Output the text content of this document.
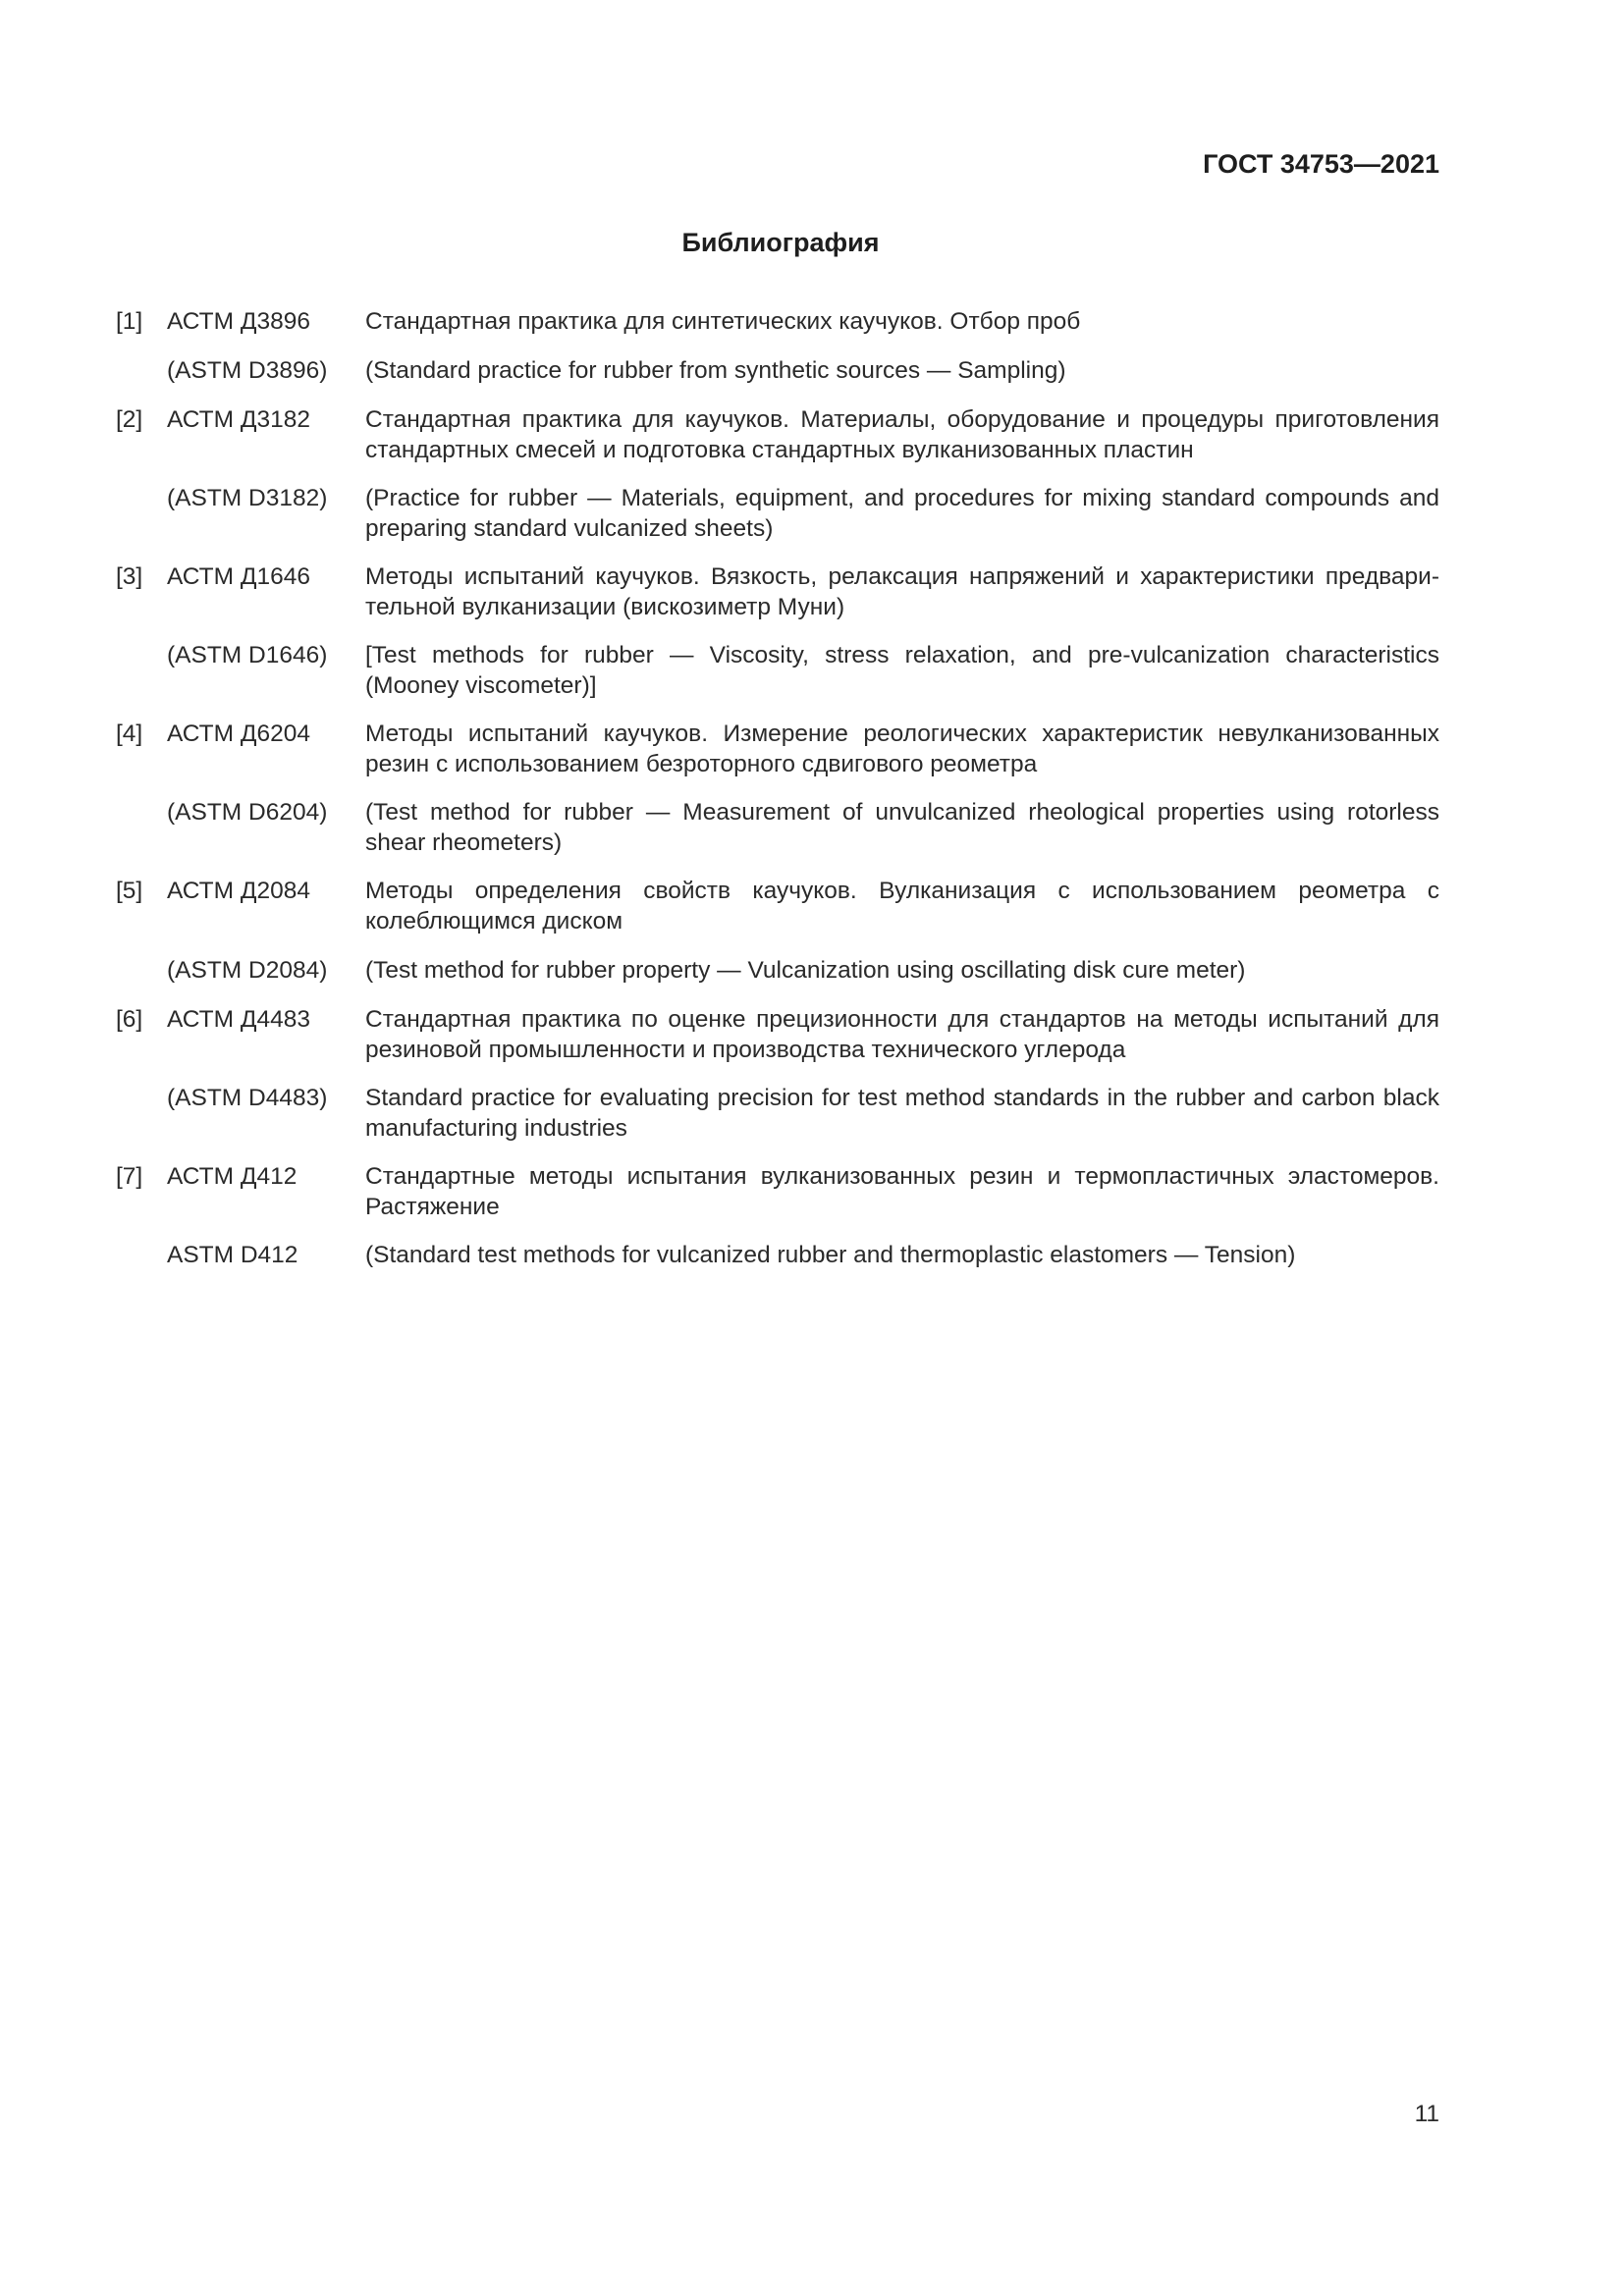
ГОСТ 34753—2021
Библиография
[1]	АСТМ Д3896	Стандартная практика для синтетических каучуков. Отбор проб
(ASTM D3896)	(Standard practice for rubber from synthetic sources — Sampling)
[2]	АСТМ Д3182	Стандартная практика для каучуков. Материалы, оборудование и процедуры приготовления стандартных смесей и подготовка стандартных вулканизованных пластин
(ASTM D3182)	(Practice for rubber — Materials, equipment, and procedures for mixing standard compounds and preparing standard vulcanized sheets)
[3]	АСТМ Д1646	Методы испытаний каучуков. Вязкость, релаксация напряжений и характеристики предвари-тельной вулканизации (вискозиметр Муни)
(ASTM D1646)	[Test methods for rubber — Viscosity, stress relaxation, and pre-vulcanization characteristics (Mooney viscometer)]
[4]	АСТМ Д6204	Методы испытаний каучуков. Измерение реологических характеристик невулканизованных резин с использованием безроторного сдвигового реометра
(ASTM D6204)	(Test method for rubber — Measurement of unvulcanized rheological properties using rotorless shear rheometers)
[5]	АСТМ Д2084	Методы определения свойств каучуков. Вулканизация с использованием реометра с колеблющимся диском
(ASTM D2084)	(Test method for rubber property — Vulcanization using oscillating disk cure meter)
[6]	АСТМ Д4483	Стандартная практика по оценке прецизионности для стандартов на методы испытаний для резиновой промышленности и производства технического углерода
(ASTM D4483)	Standard practice for evaluating precision for test method standards in the rubber and carbon black manufacturing industries
[7]	АСТМ Д412	Стандартные методы испытания вулканизованных резин и термопластичных эластомеров. Растяжение
ASTM D412	(Standard test methods for vulcanized rubber and thermoplastic elastomers — Tension)
11
